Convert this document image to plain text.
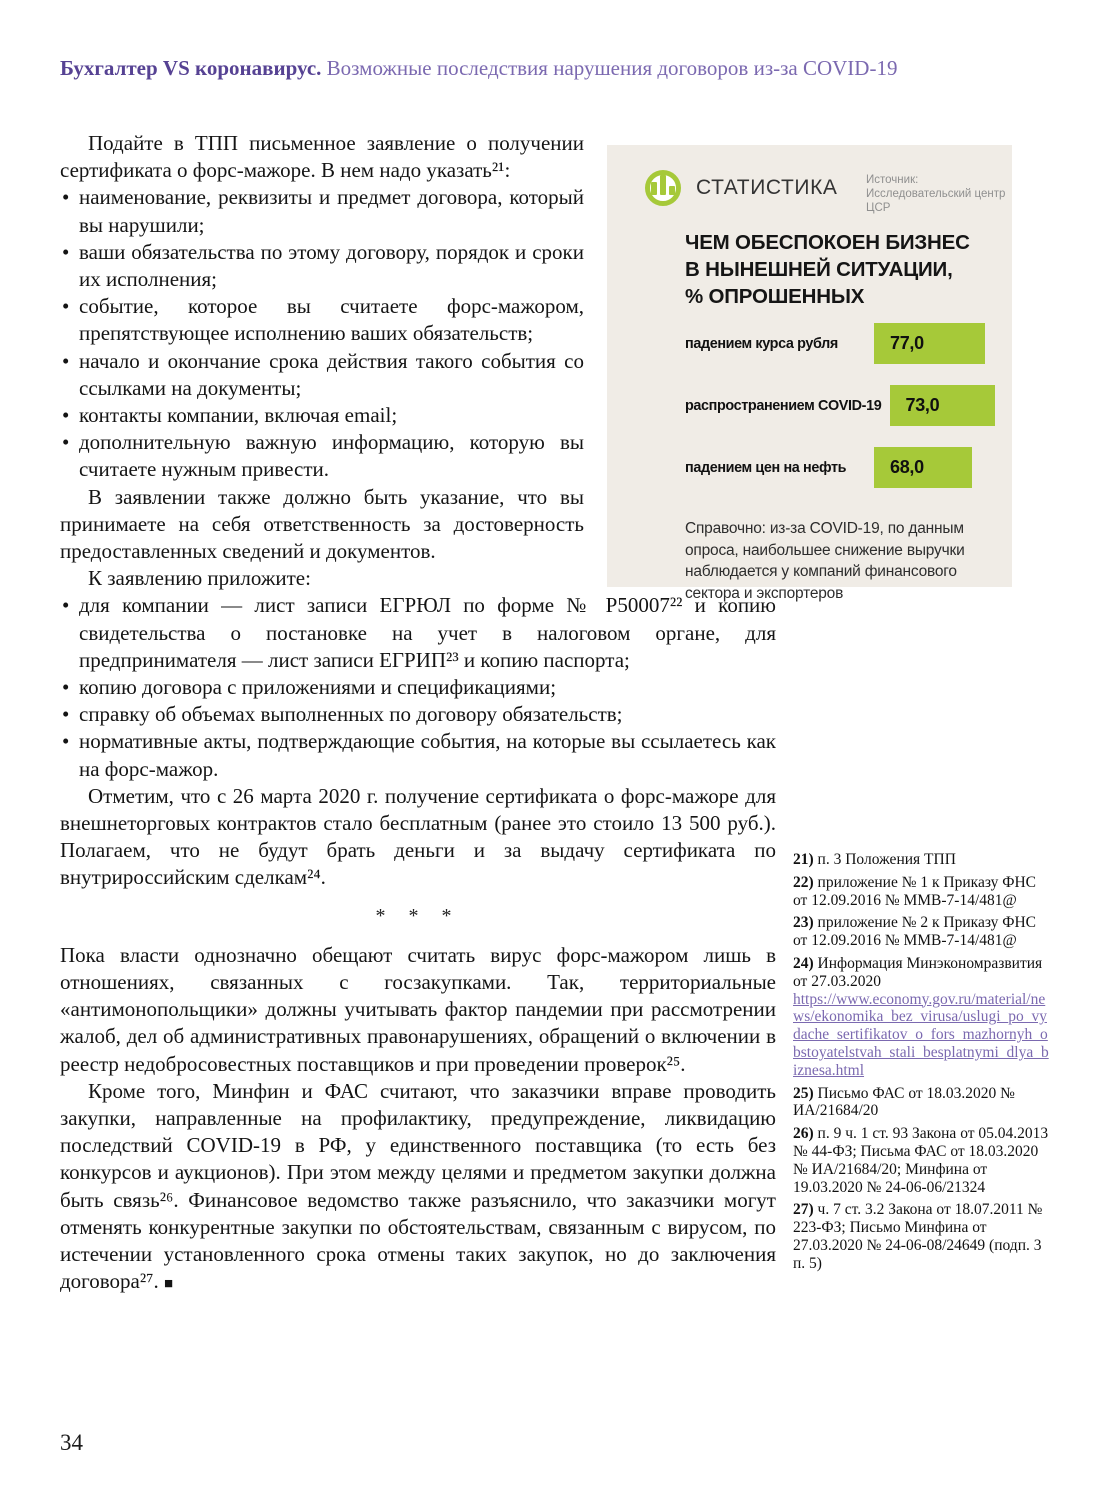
Бухгалтер VS коронавирус. Возможные последствия нарушения договоров из-за COVID-19

Подайте в ТПП письменное заявление о получении сертификата о форс-мажоре. В нем надо указать²¹:

• наименование, реквизиты и предмет договора, который вы нарушили;
• ваши обязательства по этому договору, порядок и сроки их исполнения;
• событие, которое вы считаете форс-мажором, препятствующее исполнению ваших обязательств;
• начало и окончание срока действия такого события со ссылками на документы;
• контакты компании, включая email;
• дополнительную важную информацию, которую вы считаете нужным привести.

В заявлении также должно быть указание, что вы принимаете на себя ответственность за достоверность предоставленных сведений и документов.

К заявлению приложите:

• для компании — лист записи ЕГРЮЛ по форме № Р50007²² и копию свидетельства о постановке на учет в налоговом органе, для предпринимателя — лист записи ЕГРИП²³ и копию паспорта;
• копию договора с приложениями и спецификациями;
• справку об объемах выполненных по договору обязательств;
• нормативные акты, подтверждающие события, на которые вы ссылаетесь как на форс-мажор.

Отметим, что с 26 марта 2020 г. получение сертификата о форс-мажоре для внешнеторговых контрактов стало бесплатным (ранее это стоило 13 500 руб.). Полагаем, что не будут брать деньги и за выдачу сертификата по внутрироссийским сделкам²⁴.

* * *

Пока власти однозначно обещают считать вирус форс-мажором лишь в отношениях, связанных с госзакупками. Так, территориальные «антимонопольщики» должны учитывать фактор пандемии при рассмотрении жалоб, дел об административных правонарушениях, обращений о включении в реестр недобросовестных поставщиков и при проведении проверок²⁵.

Кроме того, Минфин и ФАС считают, что заказчики вправе проводить закупки, направленные на профилактику, предупреждение, ликвидацию последствий COVID-19 в РФ, у единственного поставщика (то есть без конкурсов и аукционов). При этом между целями и предметом закупки должна быть связь²⁶. Финансовое ведомство также разъяснило, что заказчики могут отменять конкурентные закупки по обстоятельствам, связанным с вирусом, по истечении установленного срока отмены таких закупок, но до заключения договора²⁷. ■

СТАТИСТИКА Источник:
Исследовательский центр
ЦСР
ЧЕМ ОБЕСПОКОЕН БИЗНЕС
В НЫНЕШНЕЙ СИТУАЦИИ,
% ОПРОШЕННЫХ
падением курса рубля	77,0
распространением COVID-19 73,0
падением цен на нефть	68,0

Справочно: из-за COVID-19, по данным опроса, наибольшее снижение выручки наблюдается у компаний финансового сектора и экспортеров

21) п. 3 Положения ТПП
22) приложение № 1 к Приказу ФНС от 12.09.2016 № ММВ-7-14/481@
23) приложение № 2 к Приказу ФНС от 12.09.2016 № ММВ-7-14/481@
24) Информация Минэкономразвития от 27.03.2020
https://www.economy.gov.ru/material/news/ekonomika_bez_virusa/uslugi_po_vydache_sertifikatov_o_fors_mazhornyh_obstoyatelstvah_stali_besplatnymi_dlya_biznesa.html
25) Письмо ФАС от 18.03.2020 № ИА/21684/20
26) п. 9 ч. 1 ст. 93 Закона от 05.04.2013 № 44-ФЗ; Письма ФАС от 18.03.2020 № ИА/21684/20; Минфина от 19.03.2020 № 24-06-06/21324
27) ч. 7 ст. 3.2 Закона от 18.07.2011 № 223-ФЗ; Письмо Минфина от 27.03.2020 № 24-06-08/24649 (подп. 3 п. 5)
34
